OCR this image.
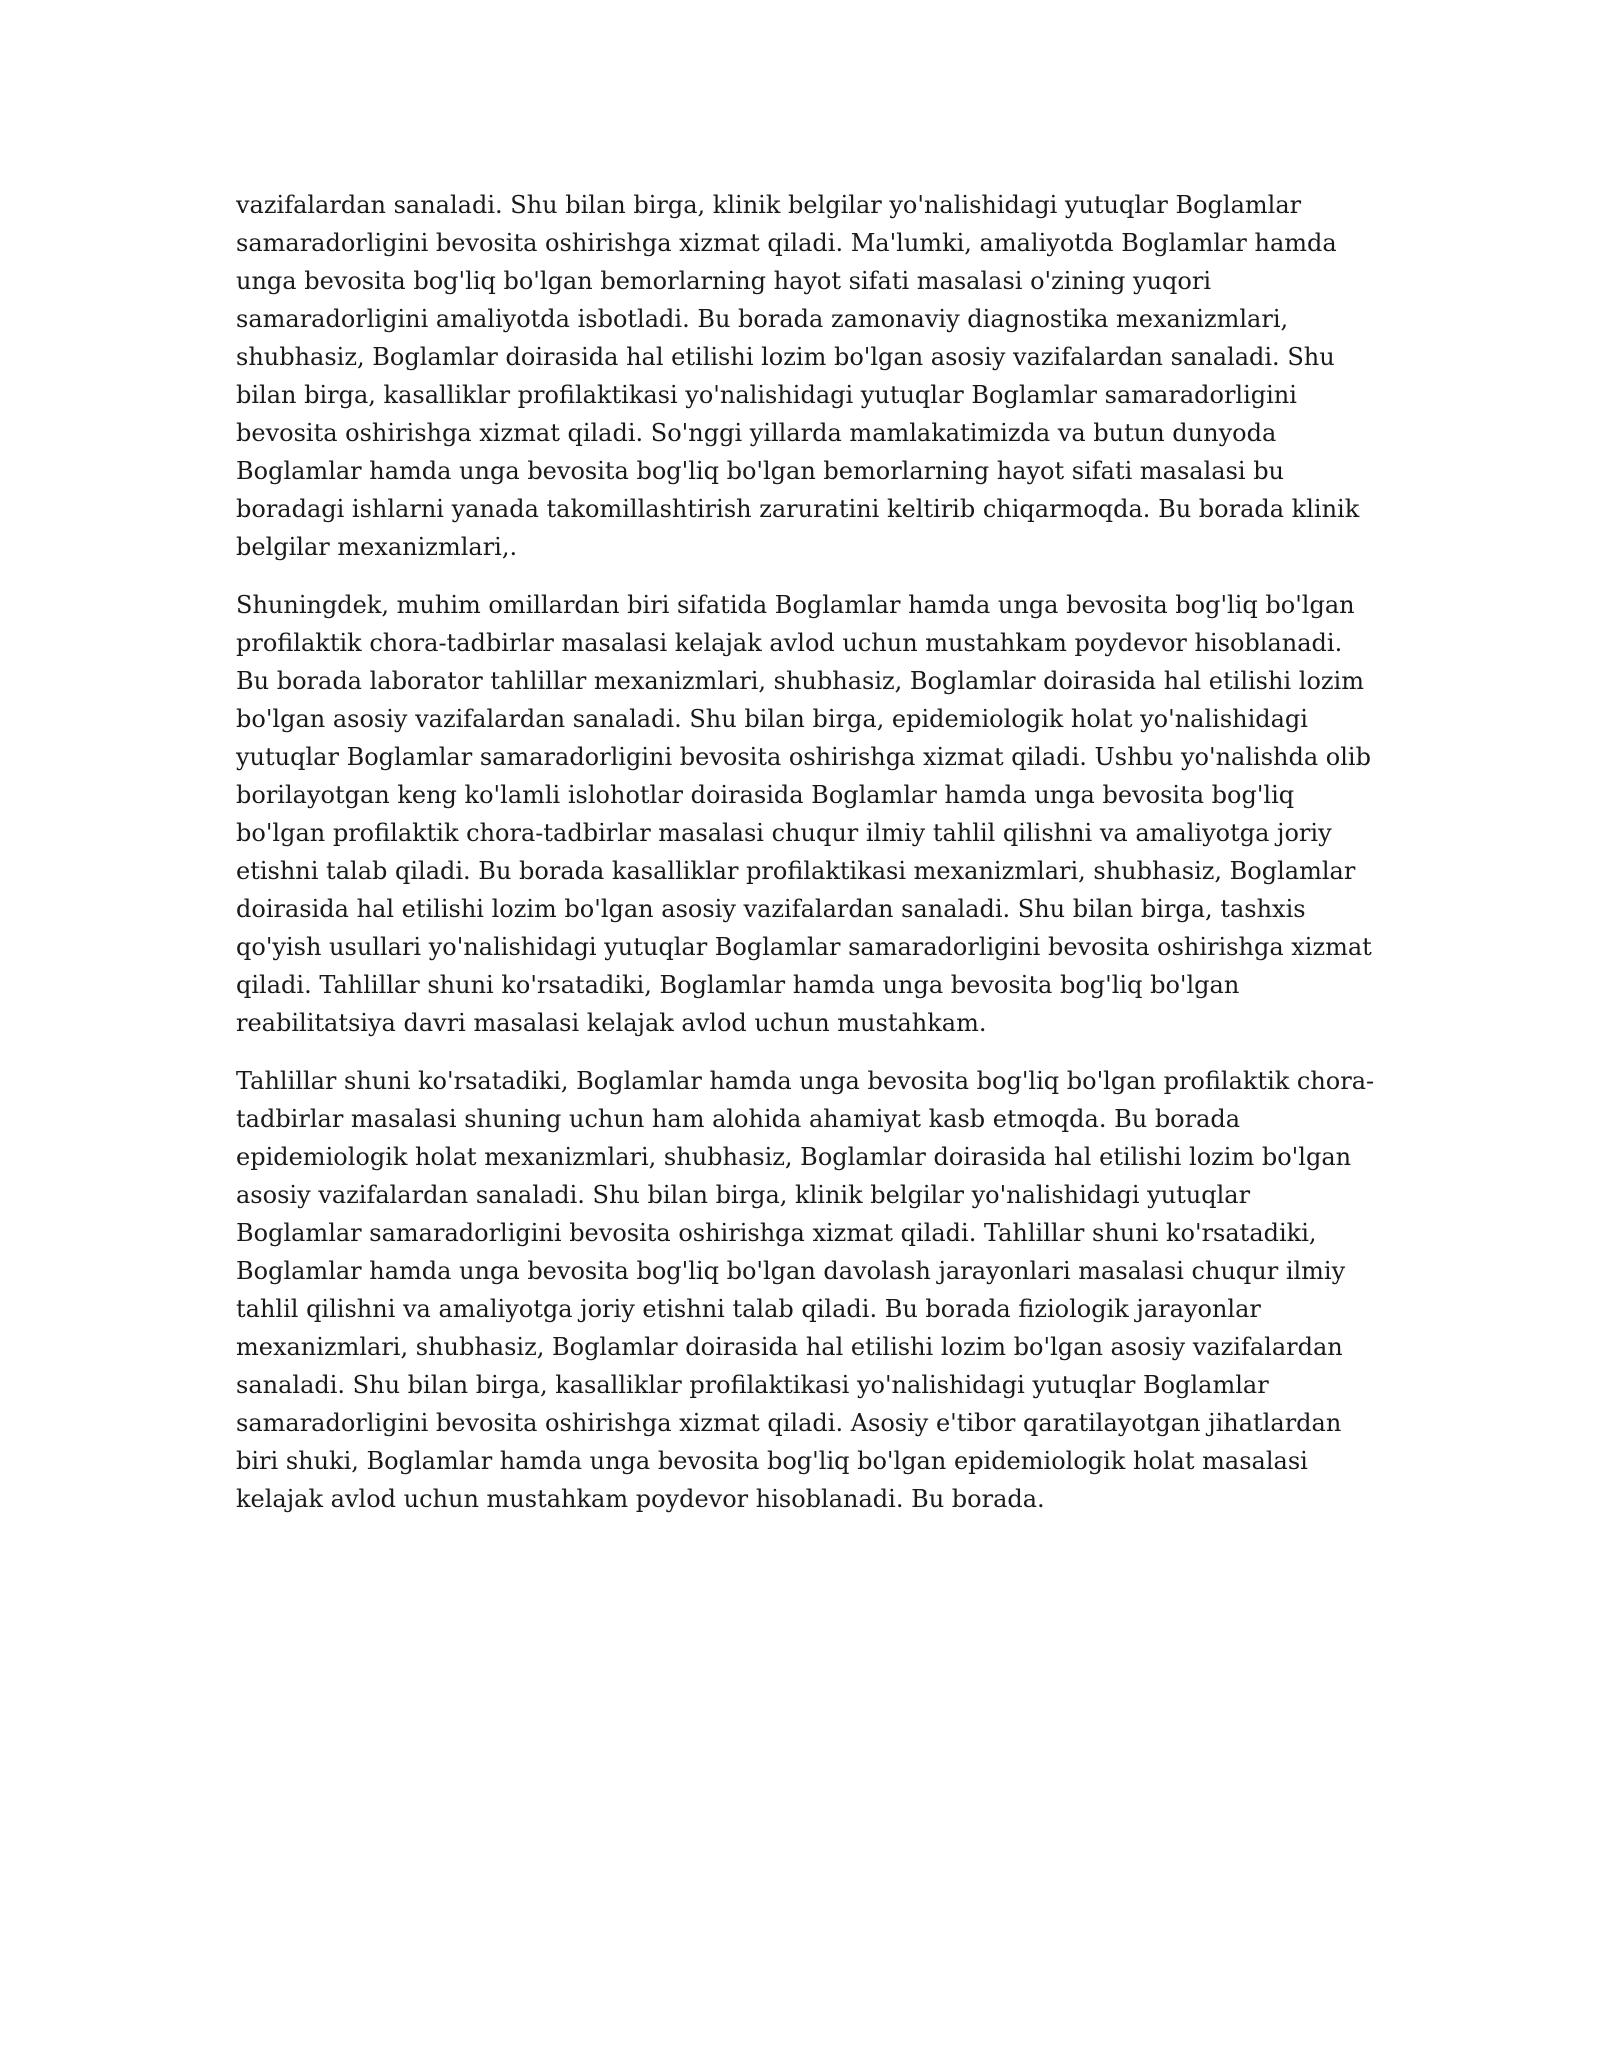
vazifalardan sanaladi. Shu bilan birga, klinik belgilar yo'nalishidagi yutuqlar Boglamlar samaradorligini bevosita oshirishga xizmat qiladi. Ma'lumki, amaliyotda Boglamlar hamda unga bevosita bog'liq bo'lgan bemorlarning hayot sifati masalasi o'zining yuqori samaradorligini amaliyotda isbotladi. Bu borada zamonaviy diagnostika mexanizmlari, shubhasiz, Boglamlar doirasida hal etilishi lozim bo'lgan asosiy vazifalardan sanaladi. Shu bilan birga, kasalliklar profilaktikasi yo'nalishidagi yutuqlar Boglamlar samaradorligini bevosita oshirishga xizmat qiladi. So'nggi yillarda mamlakatimizda va butun dunyoda Boglamlar hamda unga bevosita bog'liq bo'lgan bemorlarning hayot sifati masalasi bu boradagi ishlarni yanada takomillashtirish zaruratini keltirib chiqarmoqda. Bu borada klinik belgilar mexanizmlari,.

Shuningdek, muhim omillardan biri sifatida Boglamlar hamda unga bevosita bog'liq bo'lgan profilaktik chora-tadbirlar masalasi kelajak avlod uchun mustahkam poydevor hisoblanadi. Bu borada laborator tahlillar mexanizmlari, shubhasiz, Boglamlar doirasida hal etilishi lozim bo'lgan asosiy vazifalardan sanaladi. Shu bilan birga, epidemiologik holat yo'nalishidagi yutuqlar Boglamlar samaradorligini bevosita oshirishga xizmat qiladi. Ushbu yo'nalishda olib borilayotgan keng ko'lamli islohotlar doirasida Boglamlar hamda unga bevosita bog'liq bo'lgan profilaktik chora-tadbirlar masalasi chuqur ilmiy tahlil qilishni va amaliyotga joriy etishni talab qiladi. Bu borada kasalliklar profilaktikasi mexanizmlari, shubhasiz, Boglamlar doirasida hal etilishi lozim bo'lgan asosiy vazifalardan sanaladi. Shu bilan birga, tashxis qo'yish usullari yo'nalishidagi yutuqlar Boglamlar samaradorligini bevosita oshirishga xizmat qiladi. Tahlillar shuni ko'rsatadiki, Boglamlar hamda unga bevosita bog'liq bo'lgan reabilitatsiya davri masalasi kelajak avlod uchun mustahkam.

Tahlillar shuni ko'rsatadiki, Boglamlar hamda unga bevosita bog'liq bo'lgan profilaktik chora-tadbirlar masalasi shuning uchun ham alohida ahamiyat kasb etmoqda. Bu borada epidemiologik holat mexanizmlari, shubhasiz, Boglamlar doirasida hal etilishi lozim bo'lgan asosiy vazifalardan sanaladi. Shu bilan birga, klinik belgilar yo'nalishidagi yutuqlar Boglamlar samaradorligini bevosita oshirishga xizmat qiladi. Tahlillar shuni ko'rsatadiki, Boglamlar hamda unga bevosita bog'liq bo'lgan davolash jarayonlari masalasi chuqur ilmiy tahlil qilishni va amaliyotga joriy etishni talab qiladi. Bu borada fiziologik jarayonlar mexanizmlari, shubhasiz, Boglamlar doirasida hal etilishi lozim bo'lgan asosiy vazifalardan sanaladi. Shu bilan birga, kasalliklar profilaktikasi yo'nalishidagi yutuqlar Boglamlar samaradorligini bevosita oshirishga xizmat qiladi. Asosiy e'tibor qaratilayotgan jihatlardan biri shuki, Boglamlar hamda unga bevosita bog'liq bo'lgan epidemiologik holat masalasi kelajak avlod uchun mustahkam poydevor hisoblanadi. Bu borada.
